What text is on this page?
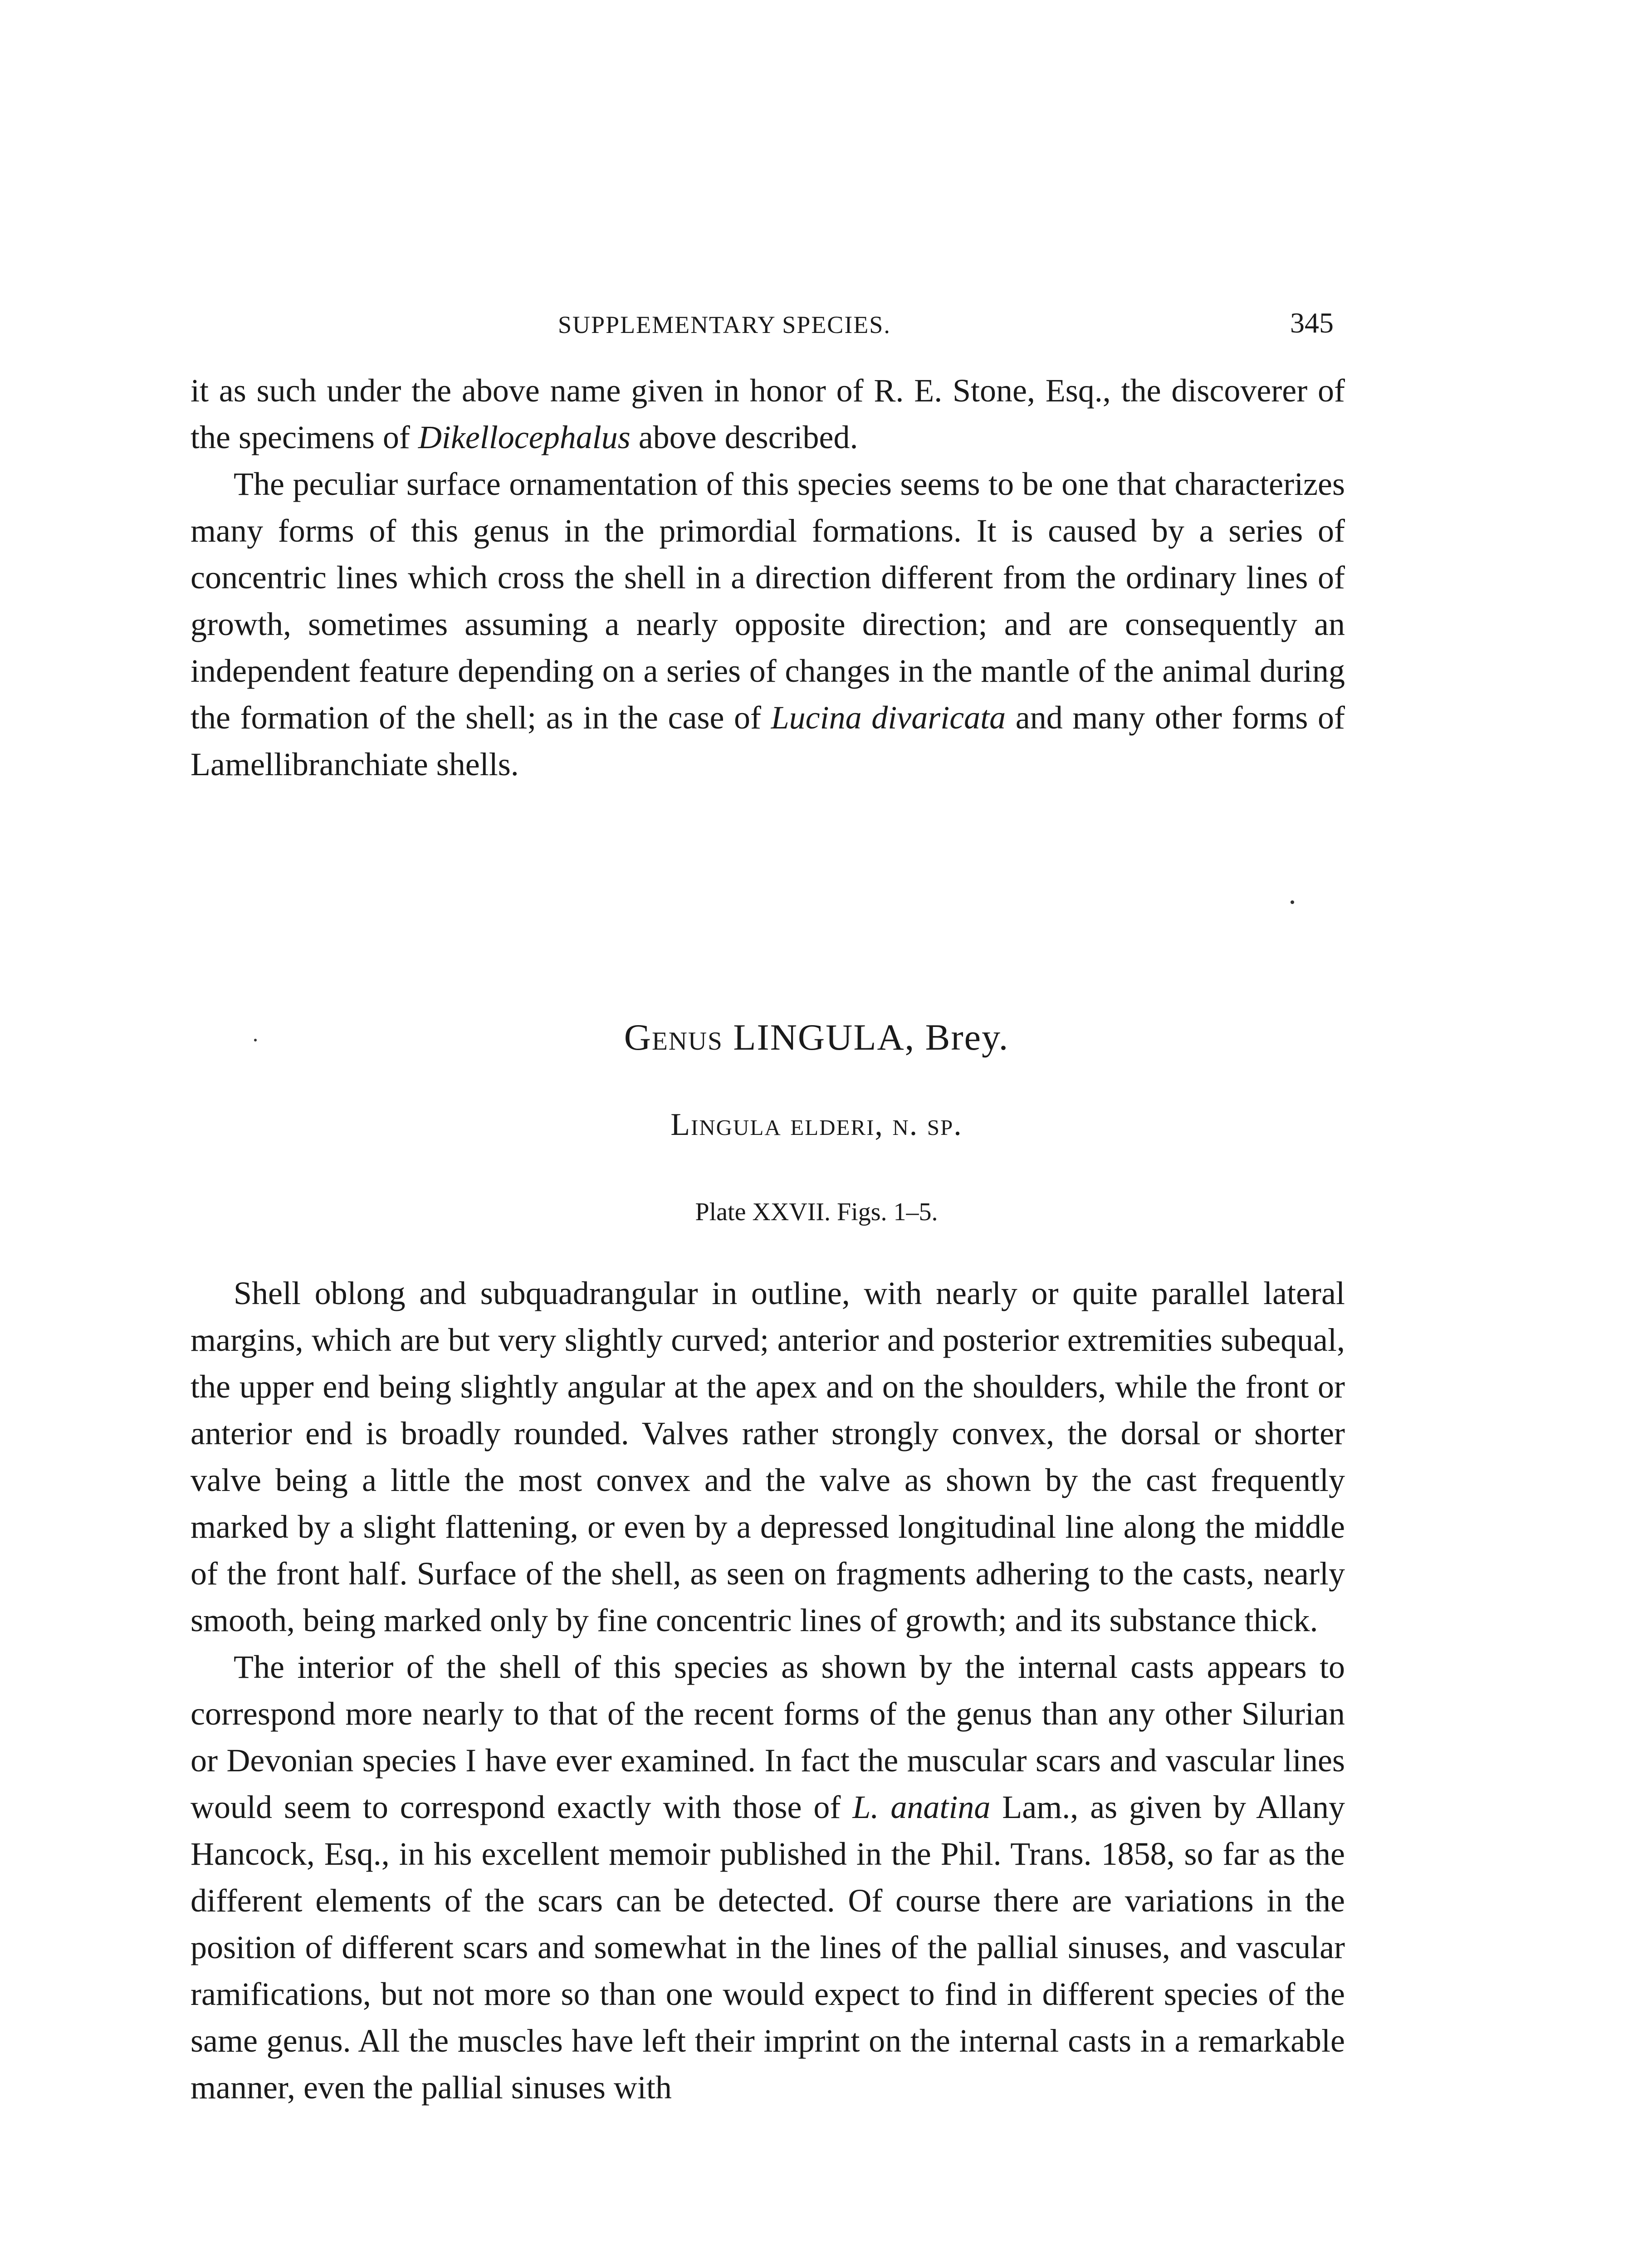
SUPPLEMENTARY SPECIES.	345

it as such under the above name given in honor of R. E. Stone, Esq., the discoverer of the specimens of Dikellocephalus above described.

The peculiar surface ornamentation of this species seems to be one that characterizes many forms of this genus in the primordial formations. It is caused by a series of concentric lines which cross the shell in a direction different from the ordinary lines of growth, sometimes assuming a nearly opposite direction; and are consequently an independent feature depending on a series of changes in the mantle of the animal during the formation of the shell; as in the case of Lucina divaricata and many other forms of Lamellibranchiate shells.

Genus LINGULA, Brey.
Lingula elderi, n. sp.
Plate XXVII. Figs. 1–5.

Shell oblong and subquadrangular in outline, with nearly or quite parallel lateral margins, which are but very slightly curved; anterior and posterior extremities subequal, the upper end being slightly angular at the apex and on the shoulders, while the front or anterior end is broadly rounded. Valves rather strongly convex, the dorsal or shorter valve being a little the most convex and the valve as shown by the cast frequently marked by a slight flattening, or even by a depressed longitudinal line along the middle of the front half. Surface of the shell, as seen on fragments adhering to the casts, nearly smooth, being marked only by fine concentric lines of growth; and its substance thick.

The interior of the shell of this species as shown by the internal casts appears to correspond more nearly to that of the recent forms of the genus than any other Silurian or Devonian species I have ever examined. In fact the muscular scars and vascular lines would seem to correspond exactly with those of L. anatina Lam., as given by Allany Hancock, Esq., in his excellent memoir published in the Phil. Trans. 1858, so far as the different elements of the scars can be detected. Of course there are variations in the position of different scars and somewhat in the lines of the pallial sinuses, and vascular ramifications, but not more so than one would expect to find in different species of the same genus. All the muscles have left their imprint on the internal casts in a remarkable manner, even the pallial sinuses with
